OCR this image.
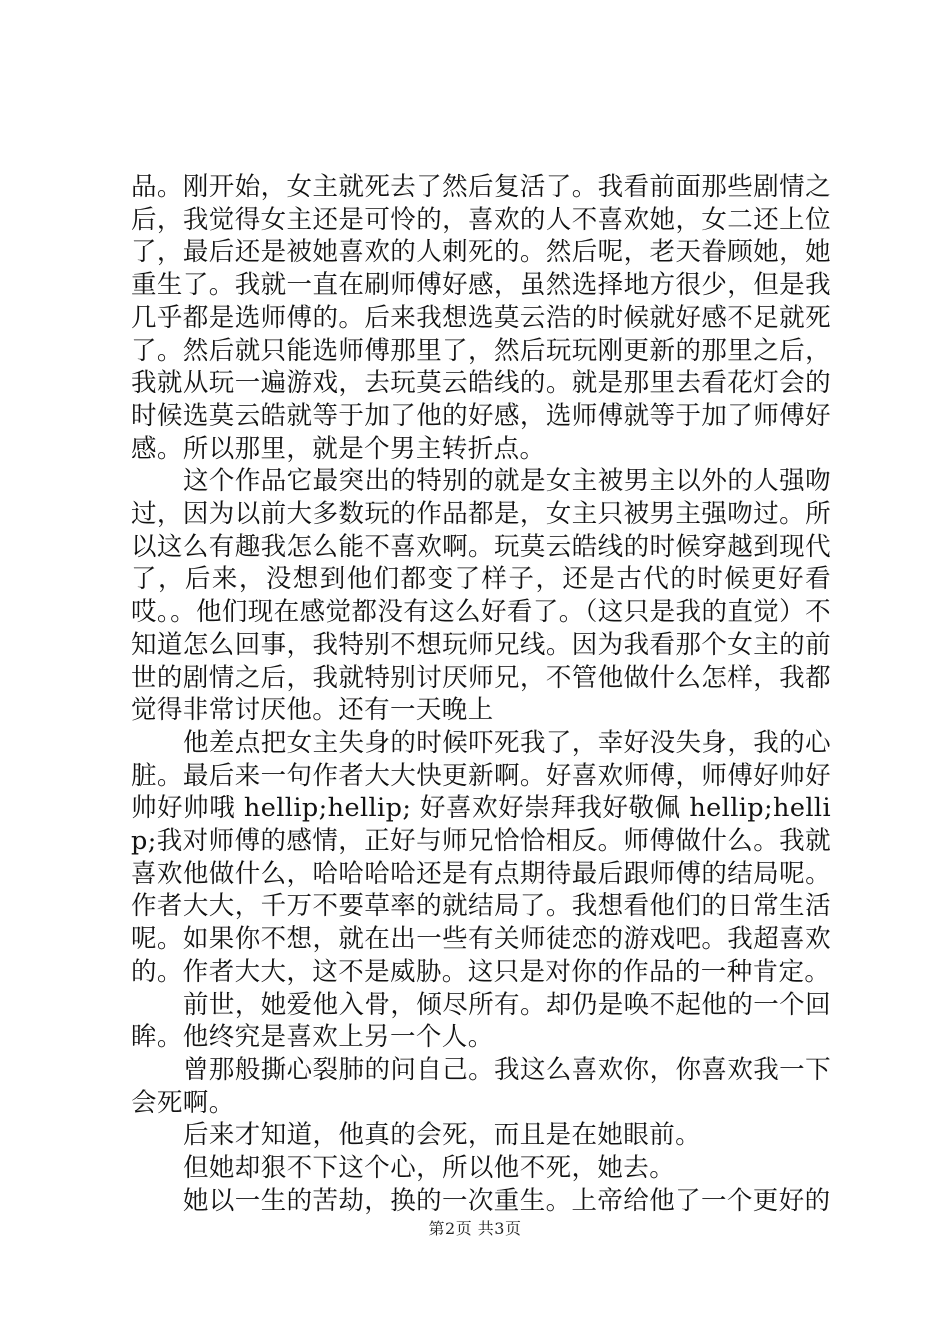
品。刚开始，女主就死去了然后复活了。我看前面那些剧情之后，我觉得女主还是可怜的，喜欢的人不喜欢她，女二还上位了，最后还是被她喜欢的人刺死的。然后呢，老天眷顾她，她重生了。我就一直在刷师傅好感，虽然选择地方很少，但是我几乎都是选师傅的。后来我想选莫云浩的时候就好感不足就死了。然后就只能选师傅那里了，然后玩玩刚更新的那里之后，我就从玩一遍游戏，去玩莫云皓线的。就是那里去看花灯会的时候选莫云皓就等于加了他的好感，选师傅就等于加了师傅好感。所以那里，就是个男主转折点。

这个作品它最突出的特别的就是女主被男主以外的人强吻过，因为以前大多数玩的作品都是，女主只被男主强吻过。所以这么有趣我怎么能不喜欢啊。玩莫云皓线的时候穿越到现代了，后来，没想到他们都变了样子，还是古代的时候更好看哎。。他们现在感觉都没有这么好看了。（这只是我的直觉）不知道怎么回事，我特别不想玩师兄线。因为我看那个女主的前世的剧情之后，我就特别讨厌师兄，不管他做什么怎样，我都觉得非常讨厌他。还有一天晚上

他差点把女主失身的时候吓死我了，幸好没失身，我的心脏。最后来一句作者大大快更新啊。好喜欢师傅，师傅好帅好帅好帅哦 hellip;hellip; 好喜欢好崇拜我好敬佩 hellip;hellip;我对师傅的感情，正好与师兄恰恰相反。师傅做什么。我就喜欢他做什么，哈哈哈哈还是有点期待最后跟师傅的结局呢。作者大大，千万不要草率的就结局了。我想看他们的日常生活呢。如果你不想，就在出一些有关师徒恋的游戏吧。我超喜欢的。作者大大，这不是威胁。这只是对你的作品的一种肯定。

前世，她爱他入骨，倾尽所有。却仍是唤不起他的一个回眸。他终究是喜欢上另一个人。

曾那般撕心裂肺的问自己。我这么喜欢你，你喜欢我一下会死啊。

后来才知道，他真的会死，而且是在她眼前。

但她却狠不下这个心，所以他不死，她去。

她以一生的苦劫，换的一次重生。上帝给他了一个更好的

第2页 共3页
